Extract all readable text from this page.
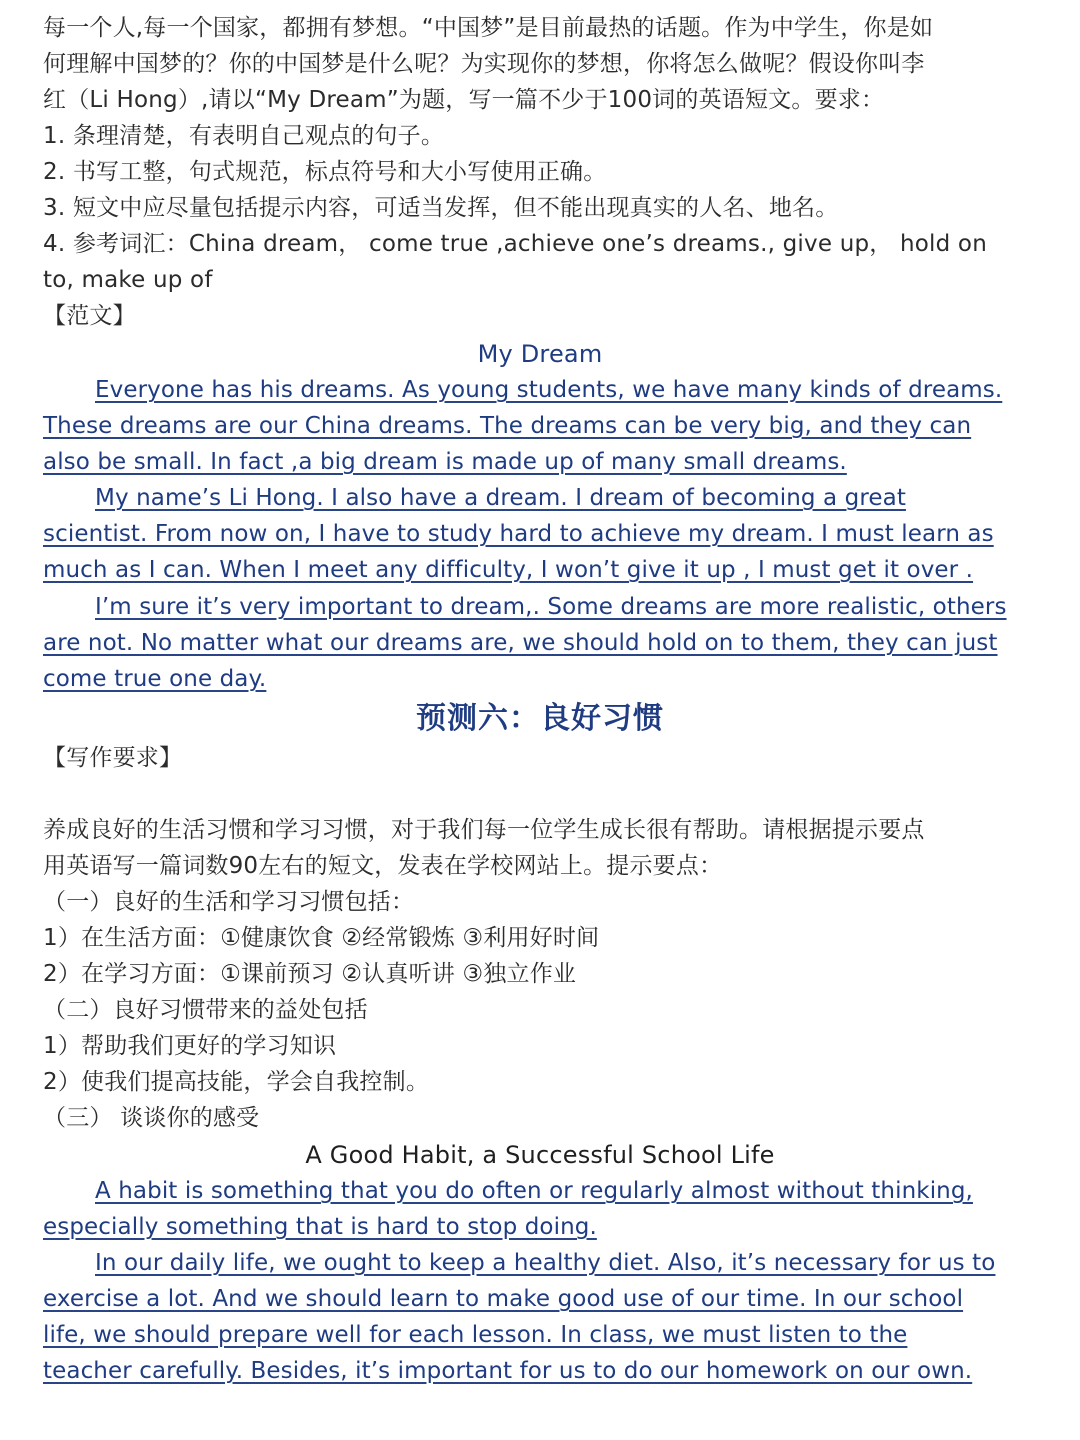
每一个人,每一个国家，都拥有梦想。“中国梦”是目前最热的话题。作为中学生，你是如
何理解中国梦的？你的中国梦是什么呢？为实现你的梦想，你将怎么做呢？假设你叫李
红（Li Hong）,请以“My Dream”为题，写一篇不少于100词的英语短文。要求：
1. 条理清楚，有表明自己观点的句子。
2. 书写工整，句式规范，标点符号和大小写使用正确。
3. 短文中应尽量包括提示内容，可适当发挥，但不能出现真实的人名、地名。
4. 参考词汇：China dream， come true ,achieve one’s dreams., give up， hold on
to, make up of
【范文】
My Dream
Everyone has his dreams. As young students, we have many kinds of dreams.
These dreams are our China dreams. The dreams can be very big, and they can
also be small. In fact ,a big dream is made up of many small dreams.
My name’s Li Hong. I also have a dream. I dream of becoming a great
scientist. From now on, I have to study hard to achieve my dream. I must learn as
much as I can. When I meet any difficulty, I won’t give it up , I must get it over .
I’m sure it’s very important to dream,. Some dreams are more realistic, others
are not. No matter what our dreams are, we should hold on to them, they can just
come true one day.
预测六：良好习惯
【写作要求】
养成良好的生活习惯和学习习惯，对于我们每一位学生成长很有帮助。请根据提示要点
用英语写一篇词数90左右的短文，发表在学校网站上。提示要点：
（一）良好的生活和学习习惯包括：
1）在生活方面：①健康饮食 ②经常锻炼 ③利用好时间
2）在学习方面：①课前预习 ②认真听讲 ③独立作业
（二）良好习惯带来的益处包括
1）帮助我们更好的学习知识
2）使我们提高技能，学会自我控制。
（三） 谈谈你的感受
A Good Habit, a Successful School Life
A habit is something that you do often or regularly almost without thinking,
especially something that is hard to stop doing.
In our daily life, we ought to keep a healthy diet. Also, it’s necessary for us to
exercise a lot. And we should learn to make good use of our time. In our school
life, we should prepare well for each lesson. In class, we must listen to the
teacher carefully. Besides, it’s important for us to do our homework on our own.
